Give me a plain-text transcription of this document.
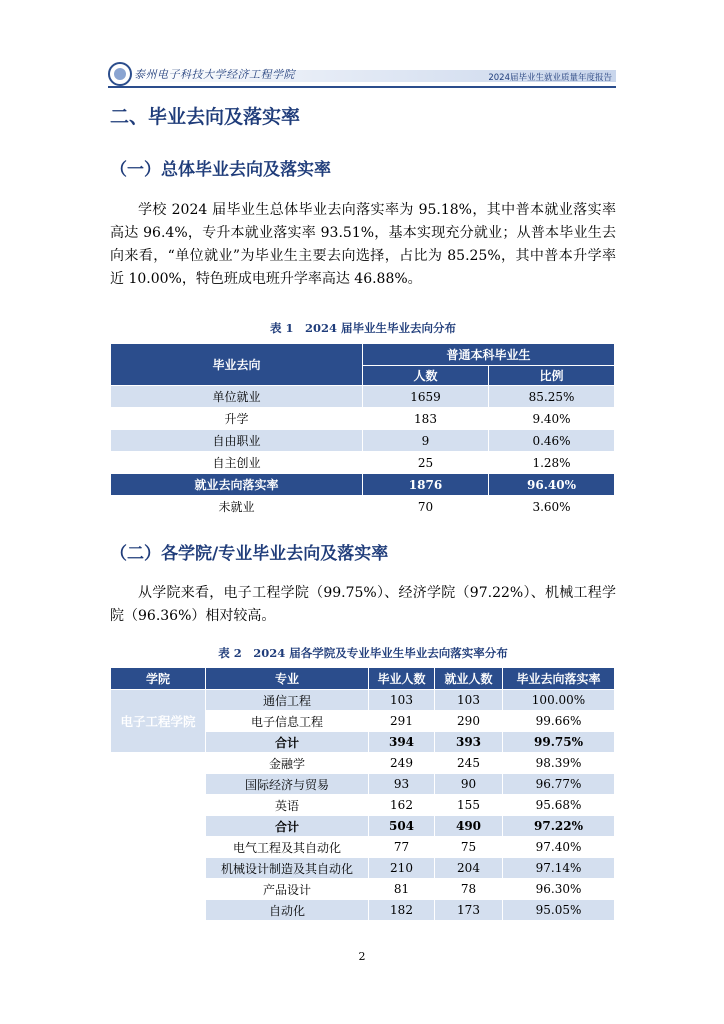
泰州电子科技大学经济工程学院	2024届毕业生就业质量年度报告
二、毕业去向及落实率
（一）总体毕业去向及落实率

学校 2024 届毕业生总体毕业去向落实率为 95.18%，其中普本就业落实率高达 96.4%，专升本就业落实率 93.51%，基本实现充分就业；从普本毕业生去向来看，“单位就业”为毕业生主要去向选择，占比为 85.25%，其中普本升学率近 10.00%，特色班成电班升学率高达 46.88%。

表 1　2024 届毕业生毕业去向分布
毕业去向	普通本科毕业生	
	人数	比例
单位就业	1659	85.25%
升学	183	9.40%
自由职业	9	0.46%
自主创业	25	1.28%
就业去向落实率	1876	96.40%
未就业	70	3.60%
（二）各学院/专业毕业去向及落实率

从学院来看，电子工程学院（99.75%）、经济学院（97.22%）、机械工程学院（96.36%）相对较高。

表 2　2024 届各学院及专业毕业生毕业去向落实率分布
学院	专业	毕业人数	就业人数	毕业去向落实率
电子工程学院	通信工程	103	103	100.00%
	电子信息工程	291	290	99.66%
	合计	394	393	99.75%
经济学院	金融学	249	245	98.39%
	国际经济与贸易	93	90	96.77%
	英语	162	155	95.68%
	合计	504	490	97.22%
机械工程学院	电气工程及其自动化	77	75	97.40%
	机械设计制造及其自动化	210	204	97.14%
	产品设计	81	78	96.30%
	自动化	182	173	95.05%
2
